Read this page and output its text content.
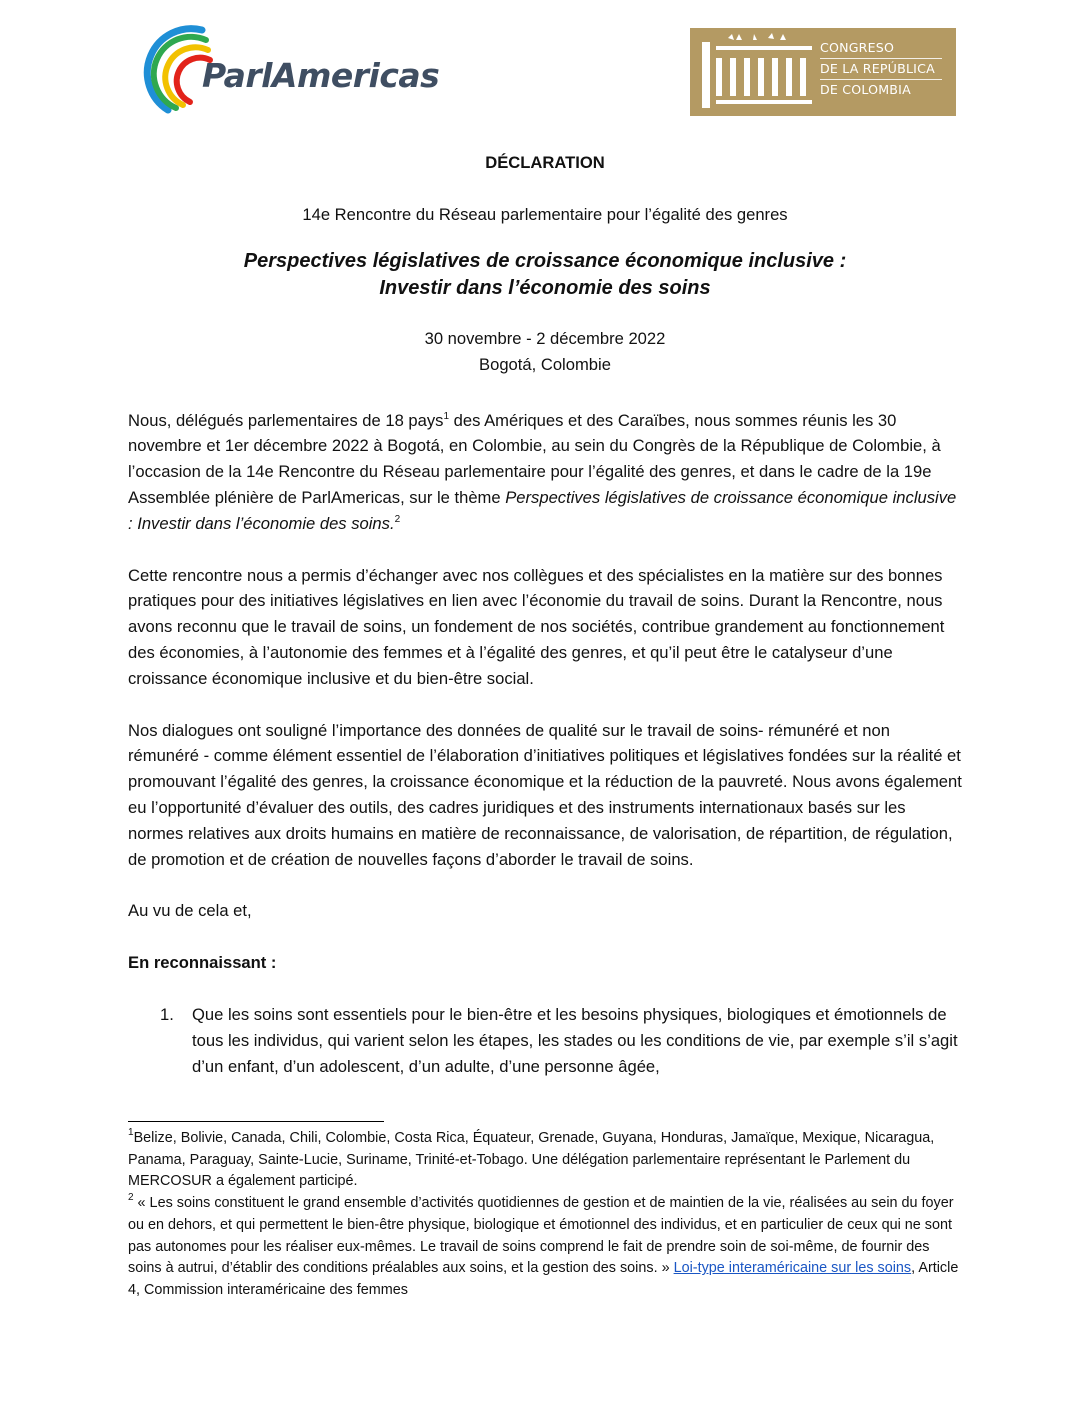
ParlAmericas
CONGRESO
DE LA REPÚBLICA
DE COLOMBIA

DÉCLARATION

14e Rencontre du Réseau parlementaire pour l’égalité des genres

Perspectives législatives de croissance économique inclusive :
Investir dans l’économie des soins

30 novembre - 2 décembre 2022
Bogotá, Colombie

Nous, délégués parlementaires de 18 pays$^1$ des Amériques et des Caraïbes, nous sommes réunis les 30 novembre et 1er décembre 2022 à Bogotá, en Colombie, au sein du Congrès de la République de Colombie, à l’occasion de la 14e Rencontre du Réseau parlementaire pour l’égalité des genres, et dans le cadre de la 19e Assemblée plénière de ParlAmericas, sur le thème Perspectives législatives de croissance économique inclusive : Investir dans l’économie des soins.$^2$

Cette rencontre nous a permis d’échanger avec nos collègues et des spécialistes en la matière sur des bonnes pratiques pour des initiatives législatives en lien avec l’économie du travail de soins. Durant la Rencontre, nous avons reconnu que le travail de soins, un fondement de nos sociétés, contribue grandement au fonctionnement des économies, à l’autonomie des femmes et à l’égalité des genres, et qu’il peut être le catalyseur d’une croissance économique inclusive et du bien-être social.

Nos dialogues ont souligné l’importance des données de qualité sur le travail de soins- rémunéré et non rémunéré - comme élément essentiel de l’élaboration d’initiatives politiques et législatives fondées sur la réalité et promouvant l’égalité des genres, la croissance économique et la réduction de la pauvreté. Nous avons également eu l’opportunité d’évaluer des outils, des cadres juridiques et des instruments internationaux basés sur les normes relatives aux droits humains en matière de reconnaissance, de valorisation, de répartition, de régulation, de promotion et de création de nouvelles façons d’aborder le travail de soins.

Au vu de cela et,

En reconnaissant :

1. Que les soins sont essentiels pour le bien-être et les besoins physiques, biologiques et émotionnels de tous les individus, qui varient selon les étapes, les stades ou les conditions de vie, par exemple s’il s’agit d’un enfant, d’un adolescent, d’un adulte, d’une personne âgée,

$^1$Belize, Bolivie, Canada, Chili, Colombie, Costa Rica, Équateur, Grenade, Guyana, Honduras, Jamaïque, Mexique, Nicaragua, Panama, Paraguay, Sainte-Lucie, Suriname, Trinité-et-Tobago. Une délégation parlementaire représentant le Parlement du MERCOSUR a également participé.

$^2$ « Les soins constituent le grand ensemble d’activités quotidiennes de gestion et de maintien de la vie, réalisées au sein du foyer ou en dehors, et qui permettent le bien-être physique, biologique et émotionnel des individus, et en particulier de ceux qui ne sont pas autonomes pour les réaliser eux-mêmes. Le travail de soins comprend le fait de prendre soin de soi-même, de fournir des soins à autrui, d’établir des conditions préalables aux soins, et la gestion des soins. » Loi-type interaméricaine sur les soins, Article 4, Commission interaméricaine des femmes
